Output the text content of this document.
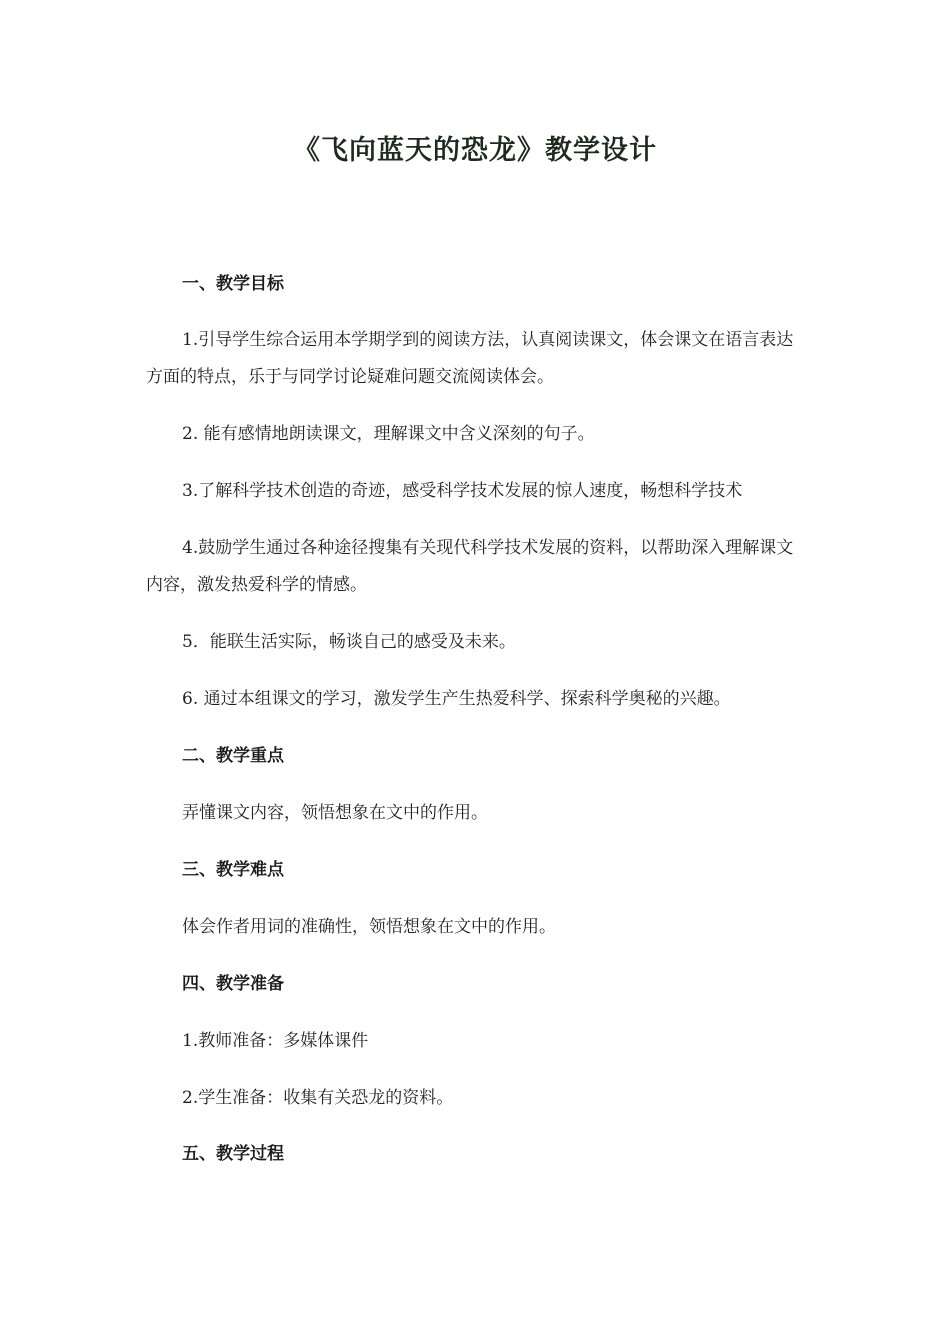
《飞向蓝天的恐龙》教学设计

一、教学目标

1.引导学生综合运用本学期学到的阅读方法，认真阅读课文，体会课文在语言表达方面的特点，乐于与同学讨论疑难问题交流阅读体会。

2. 能有感情地朗读课文，理解课文中含义深刻的句子。

3.了解科学技术创造的奇迹，感受科学技术发展的惊人速度，畅想科学技术

4.鼓励学生通过各种途径搜集有关现代科学技术发展的资料，以帮助深入理解课文内容，激发热爱科学的情感。

5．能联生活实际，畅谈自己的感受及未来。

6. 通过本组课文的学习，激发学生产生热爱科学、探索科学奥秘的兴趣。

二、教学重点

弄懂课文内容，领悟想象在文中的作用。

三、教学难点

体会作者用词的准确性，领悟想象在文中的作用。

四、教学准备

1.教师准备：多媒体课件

2.学生准备：收集有关恐龙的资料。

五、教学过程
